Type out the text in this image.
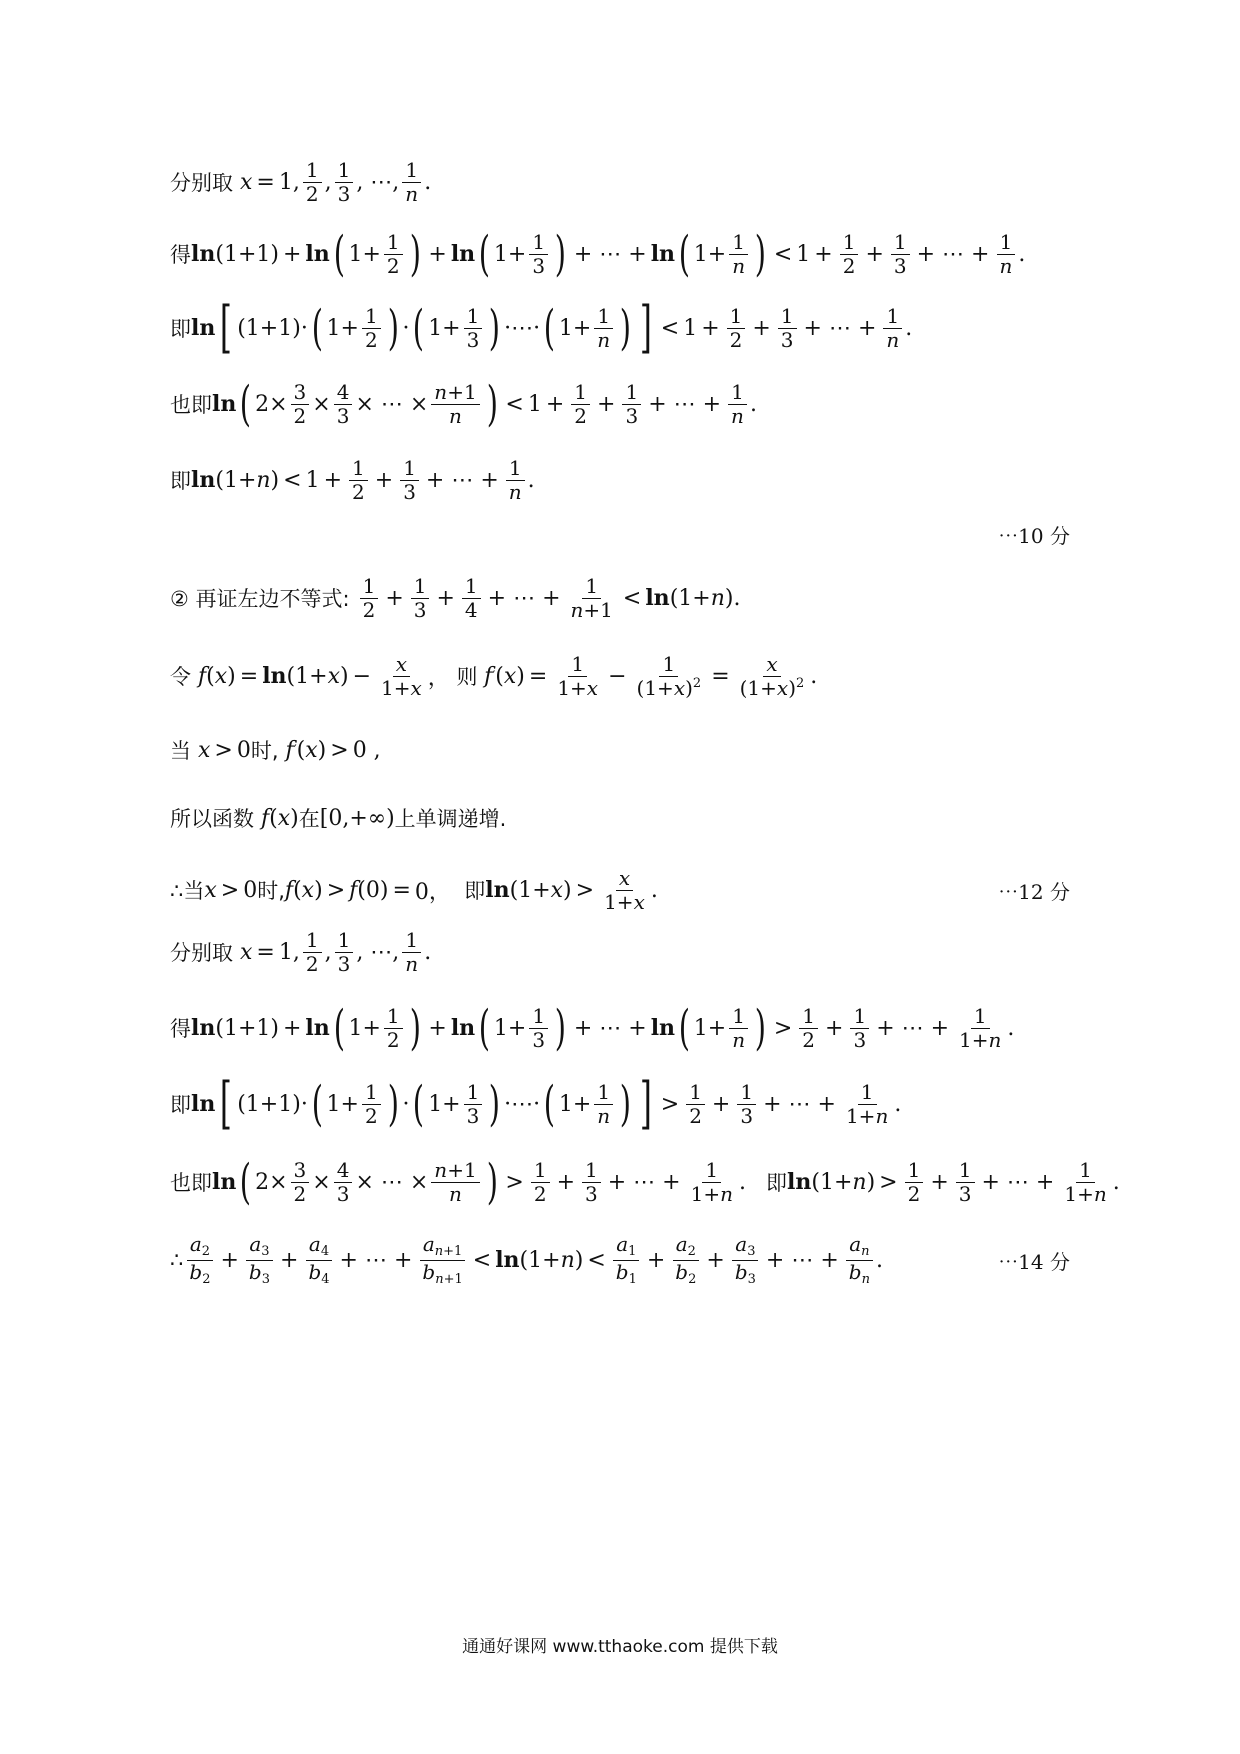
分别取 x = 1, $\frac{1}{2}$ , $\frac{1}{3}$ , ⋯, $\frac{1}{n}$ .
得 ln (1+1) + ln ( $1+ \frac{1}{2}$ ) + ln ( $1+ \frac{1}{3}$ ) + ⋯ + ln ( $1+ \frac{1}{n}$ ) < $1 + \frac{1}{2} + \frac{1}{3}$ + ⋯ + $\frac{1}{n}$ .
即 ln [ (1+1)· ( $1+ \frac{1}{2}$ ) · ( $1+ \frac{1}{3}$ ) ·⋯· ( $1+ \frac{1}{n}$ ) ] < $1 + \frac{1}{2} + \frac{1}{3}$ + ⋯ + $\frac{1}{n}$ .
也即 ln ( $2\times \frac{3}{2} \times \frac{4}{3}$ × ⋯ × $\frac{n+1}{n}$ ) < $1 + \frac{1}{2} + \frac{1}{3}$ + ⋯ + $\frac{1}{n}$ .
即 ln (1+ n ) < $1 + \frac{1}{2} + \frac{1}{3}$ + ⋯ + $\frac{1}{n}$ .
⋯10 分
② 再证左边不等式:
$\frac{1}{2} + \frac{1}{3} + \frac{1}{4}$ + ⋯ + $\frac{1}{n+1} < \ln (1+ n$ ).
令 f ( x ) = ln (1+ x ) − $\frac{x}{1+x}$ ， 则 f ′ ( x ) = $\frac{1}{1+x} - \frac{1}{(1+x)^2} = \frac{x}{(1+x)^2}$ .
当 x > 0 时,
f ′ ( x ) > 0 ,
所以函数 f ( x ) 在 [0,+∞) 上单调递增.
∴当 x > 0 时, f ( x ) > f (0) = 0， 即 ln (1+ x ) > $\frac{x}{1+x}$ .	⋯12 分
分别取 x = 1, $\frac{1}{2}$ , $\frac{1}{3}$ , ⋯, $\frac{1}{n}$ .
得 ln (1+1) + ln ( $1+ \frac{1}{2}$ ) + ln ( $1+ \frac{1}{3}$ ) + ⋯ + ln ( $1+ \frac{1}{n}$ ) > $\frac{1}{2} + \frac{1}{3}$ + ⋯ + $\frac{1}{1+n}$ .
即 ln [ (1+1)· ( $1+ \frac{1}{2}$ ) · ( $1+ \frac{1}{3}$ ) ·⋯· ( $1+ \frac{1}{n}$ ) ] > $\frac{1}{2} + \frac{1}{3}$ + ⋯ + $\frac{1}{1+n}$ .
也即 ln ( $2\times \frac{3}{2} \times \frac{4}{3}$ × ⋯ × $\frac{n+1}{n}$ ) > $\frac{1}{2} + \frac{1}{3}$ + ⋯ + $\frac{1}{1+n}$ . 即 ln (1+ n ) > $\frac{1}{2} + \frac{1}{3}$ + ⋯ + $\frac{1}{1+n}$ .
∴ $\frac{a_2}{b_2} + \frac{a_3}{b_3} + \frac{a_4}{b_4}$ + ⋯ + $\frac{a_{n+1}}{b_{n+1}} < \ln (1+ n$ ) < $\frac{a_1}{b_1} + \frac{a_2}{b_2} + \frac{a_3}{b_3}$ + ⋯ + $\frac{a_n}{b_n}$ .	⋯14 分
通通好课网 www.tthaoke.com 提供下载
